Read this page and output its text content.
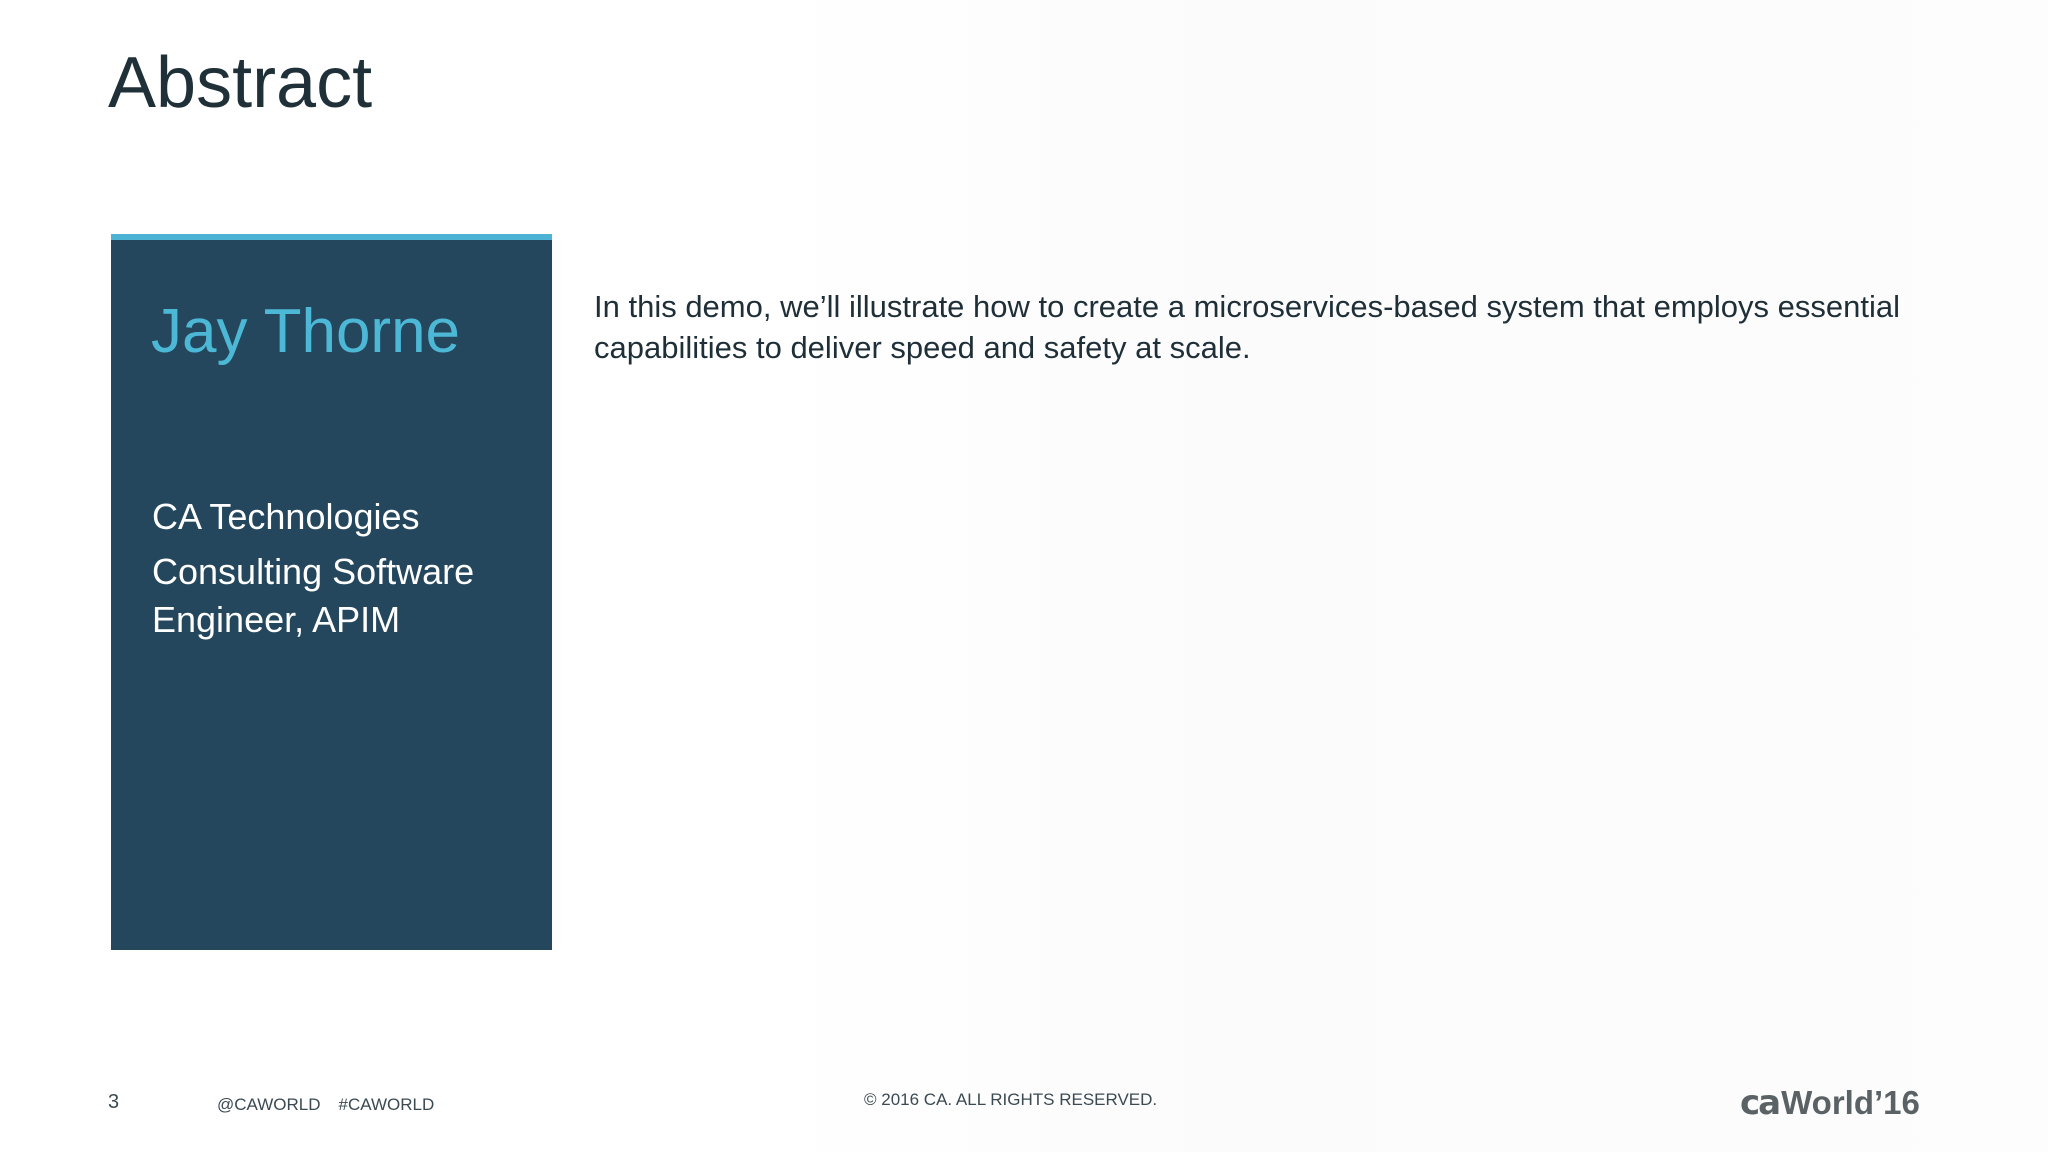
Abstract
Jay Thorne
CA Technologies
Consulting Software Engineer, APIM

In this demo, we’ll illustrate how to create a microservices-based system that employs essential capabilities to deliver speed and safety at scale.

3	@CAWORLD #CAWORLD	© 2016 CA. ALL RIGHTS RESERVED.	caWorld’16
